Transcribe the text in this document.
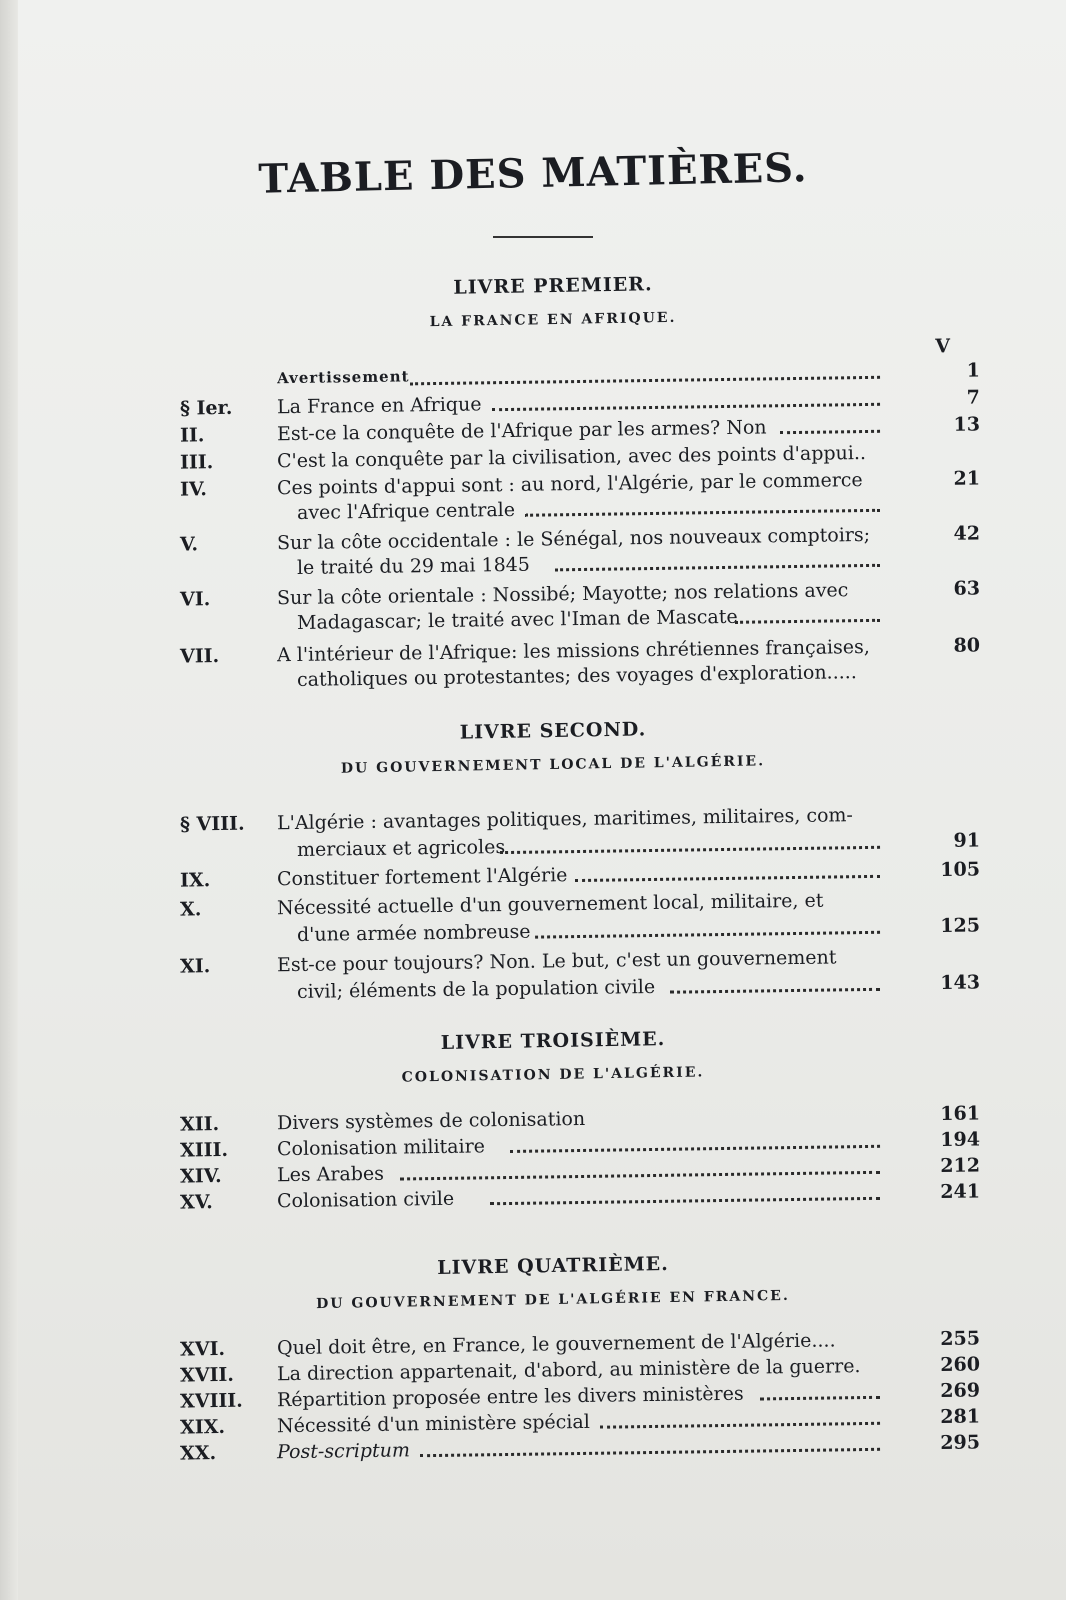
TABLE DES MATIÈRES.
LIVRE PREMIER.
LA FRANCE EN AFRIQUE.
V
Avertissement	1
§ Ier.	La France en Afrique	7
II.	Est-ce la conquête de l'Afrique par les armes? Non	13
III.	C'est la conquête par la civilisation, avec des points d'appui..
IV.	Ces points d'appui sont : au nord, l'Algérie, par le commerce	21
avec l'Afrique centrale
V.	Sur la côte occidentale : le Sénégal, nos nouveaux comptoirs;	42
le traité du 29 mai 1845
VI.	Sur la côte orientale : Nossibé; Mayotte; nos relations avec	63
Madagascar; le traité avec l'Iman de Mascate
VII.	A l'intérieur de l'Afrique: les missions chrétiennes françaises,	80
catholiques ou protestantes; des voyages d'exploration.....
LIVRE SECOND.
DU GOUVERNEMENT LOCAL DE L'ALGÉRIE.
§ VIII.	L'Algérie : avantages politiques, maritimes, militaires, com-
merciaux et agricoles	91
IX.	Constituer fortement l'Algérie	105
X.	Nécessité actuelle d'un gouvernement local, militaire, et
d'une armée nombreuse	125
XI.	Est-ce pour toujours? Non. Le but, c'est un gouvernement
civil; éléments de la population civile	143
LIVRE TROISIÈME.
COLONISATION DE L'ALGÉRIE.
XII.	Divers systèmes de colonisation	161
XIII.	Colonisation militaire	194
XIV.	Les Arabes	212
XV.	Colonisation civile	241
LIVRE QUATRIÈME.
DU GOUVERNEMENT DE L'ALGÉRIE EN FRANCE.
XVI.	Quel doit être, en France, le gouvernement de l'Algérie....	255
XVII.	La direction appartenait, d'abord, au ministère de la guerre.	260
XVIII.	Répartition proposée entre les divers ministères	269
XIX.	Nécessité d'un ministère spécial	281
XX.	Post-scriptum	295
